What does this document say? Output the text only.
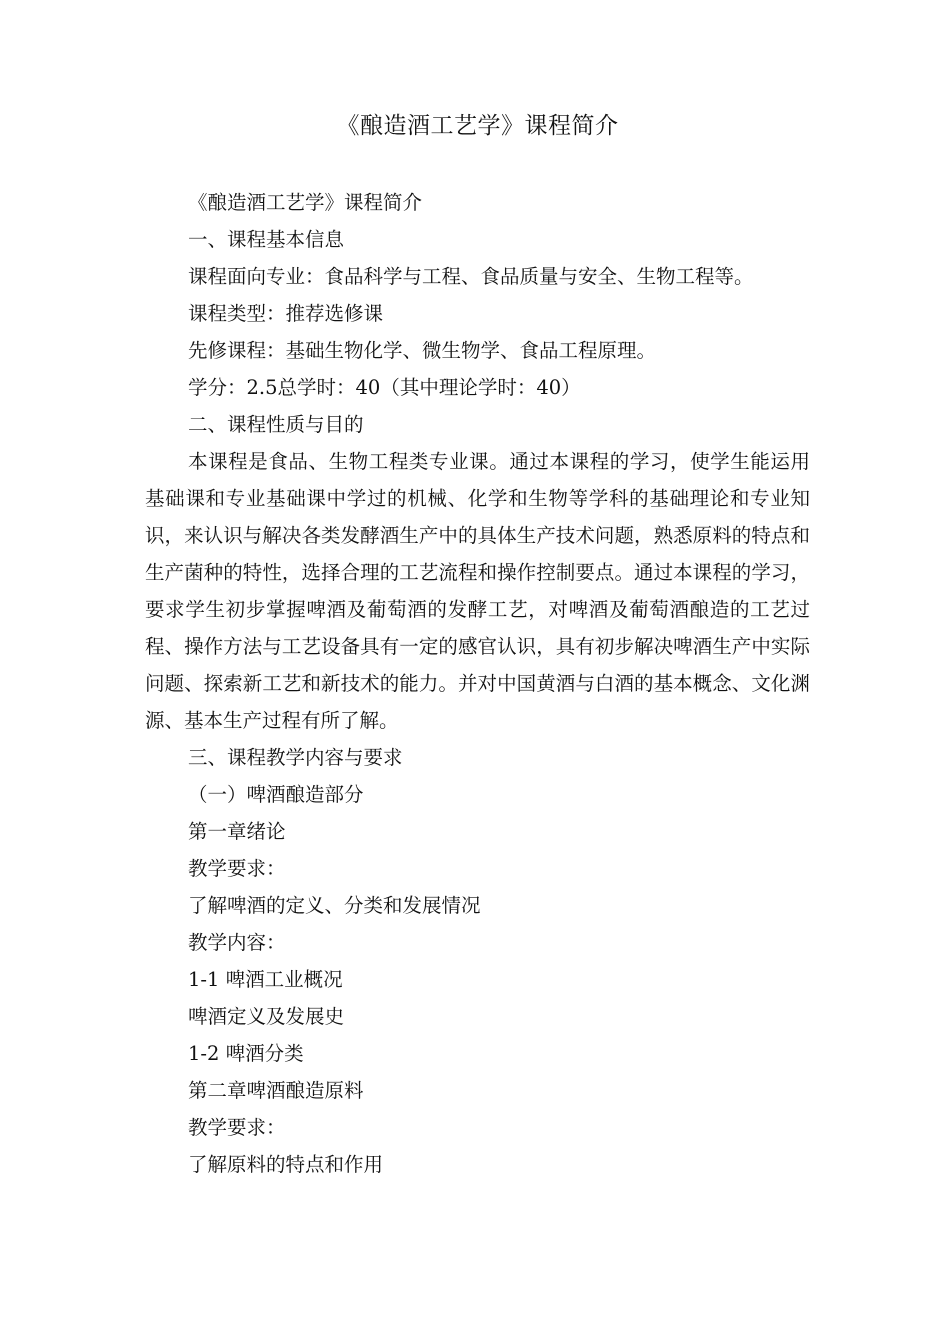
《酿造酒工艺学》课程简介

《酿造酒工艺学》课程简介

一、课程基本信息

课程面向专业：食品科学与工程、食品质量与安全、生物工程等。

课程类型：推荐选修课

先修课程：基础生物化学、微生物学、食品工程原理。

学分：2.5总学时：40（其中理论学时：40）

二、课程性质与目的

本课程是食品、生物工程类专业课。通过本课程的学习，使学生能运用基础课和专业基础课中学过的机械、化学和生物等学科的基础理论和专业知识，来认识与解决各类发酵酒生产中的具体生产技术问题，熟悉原料的特点和生产菌种的特性，选择合理的工艺流程和操作控制要点。通过本课程的学习，要求学生初步掌握啤酒及葡萄酒的发酵工艺，对啤酒及葡萄酒酿造的工艺过程、操作方法与工艺设备具有一定的感官认识，具有初步解决啤酒生产中实际问题、探索新工艺和新技术的能力。并对中国黄酒与白酒的基本概念、文化渊源、基本生产过程有所了解。

三、课程教学内容与要求

（一）啤酒酿造部分

第一章绪论

教学要求：

了解啤酒的定义、分类和发展情况

教学内容：

1-1 啤酒工业概况

啤酒定义及发展史

1-2 啤酒分类

第二章啤酒酿造原料

教学要求：

了解原料的特点和作用
